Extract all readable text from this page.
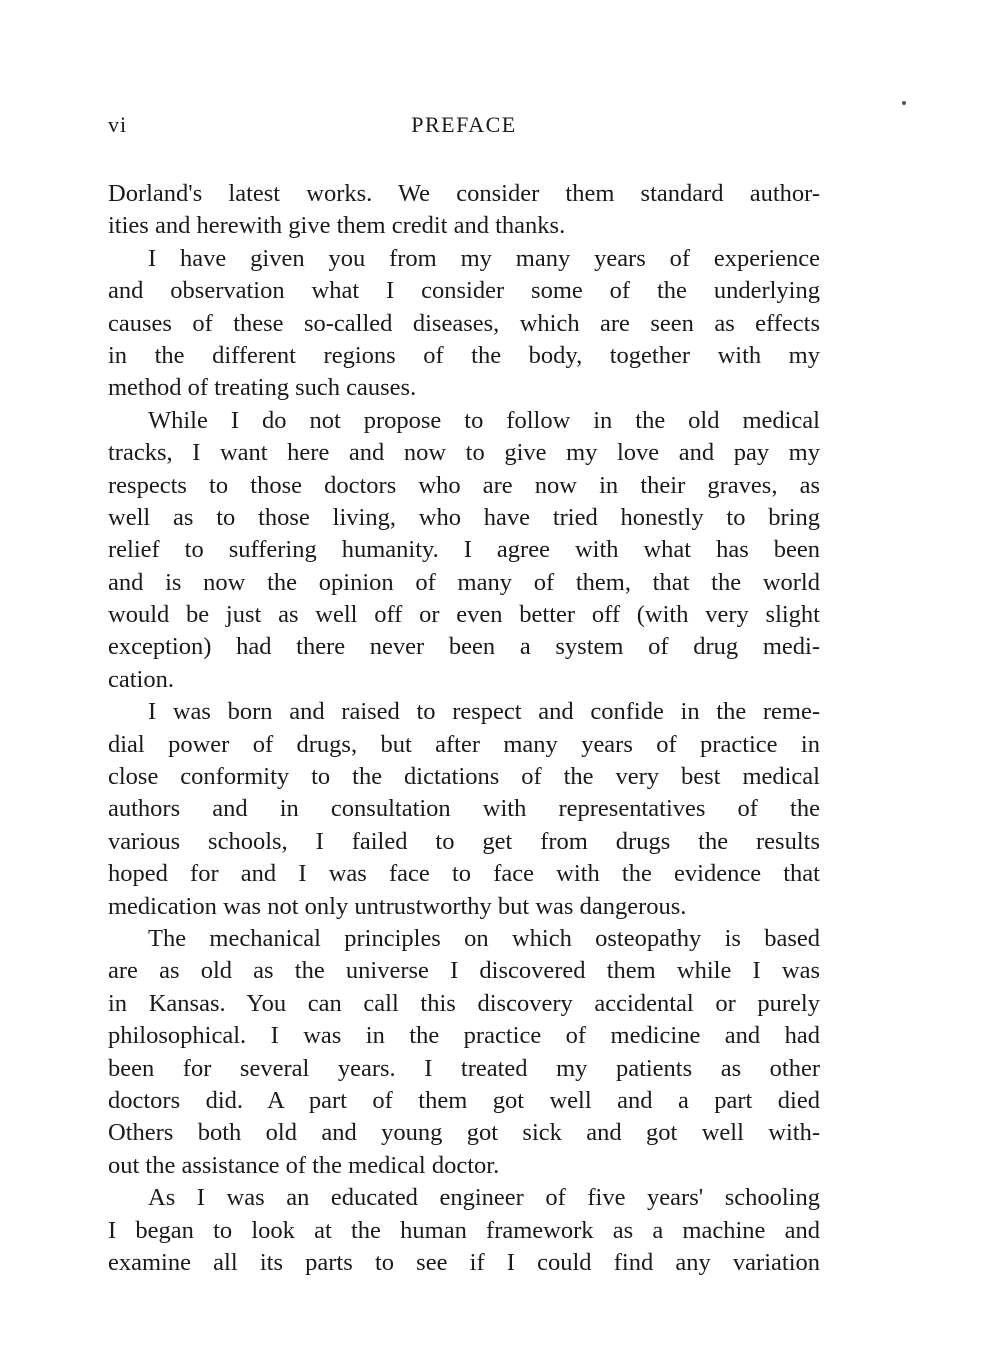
vi	PREFACE
Dorland's latest works. We consider them standard author-
ities and herewith give them credit and thanks.
I have given you from my many years of experience
and observation what I consider some of the underlying
causes of these so-called diseases, which are seen as effects
in the different regions of the body, together with my
method of treating such causes.
While I do not propose to follow in the old medical
tracks, I want here and now to give my love and pay my
respects to those doctors who are now in their graves, as
well as to those living, who have tried honestly to bring
relief to suffering humanity. I agree with what has been
and is now the opinion of many of them, that the world
would be just as well off or even better off (with very slight
exception) had there never been a system of drug medi-
cation.
I was born and raised to respect and confide in the reme-
dial power of drugs, but after many years of practice in
close conformity to the dictations of the very best medical
authors and in consultation with representatives of the
various schools, I failed to get from drugs the results
hoped for and I was face to face with the evidence that
medication was not only untrustworthy but was dangerous.
The mechanical principles on which osteopathy is based
are as old as the universe I discovered them while I was
in Kansas. You can call this discovery accidental or purely
philosophical. I was in the practice of medicine and had
been for several years. I treated my patients as other
doctors did. A part of them got well and a part died
Others both old and young got sick and got well with-
out the assistance of the medical doctor.
As I was an educated engineer of five years' schooling
I began to look at the human framework as a machine and
examine all its parts to see if I could find any variation
